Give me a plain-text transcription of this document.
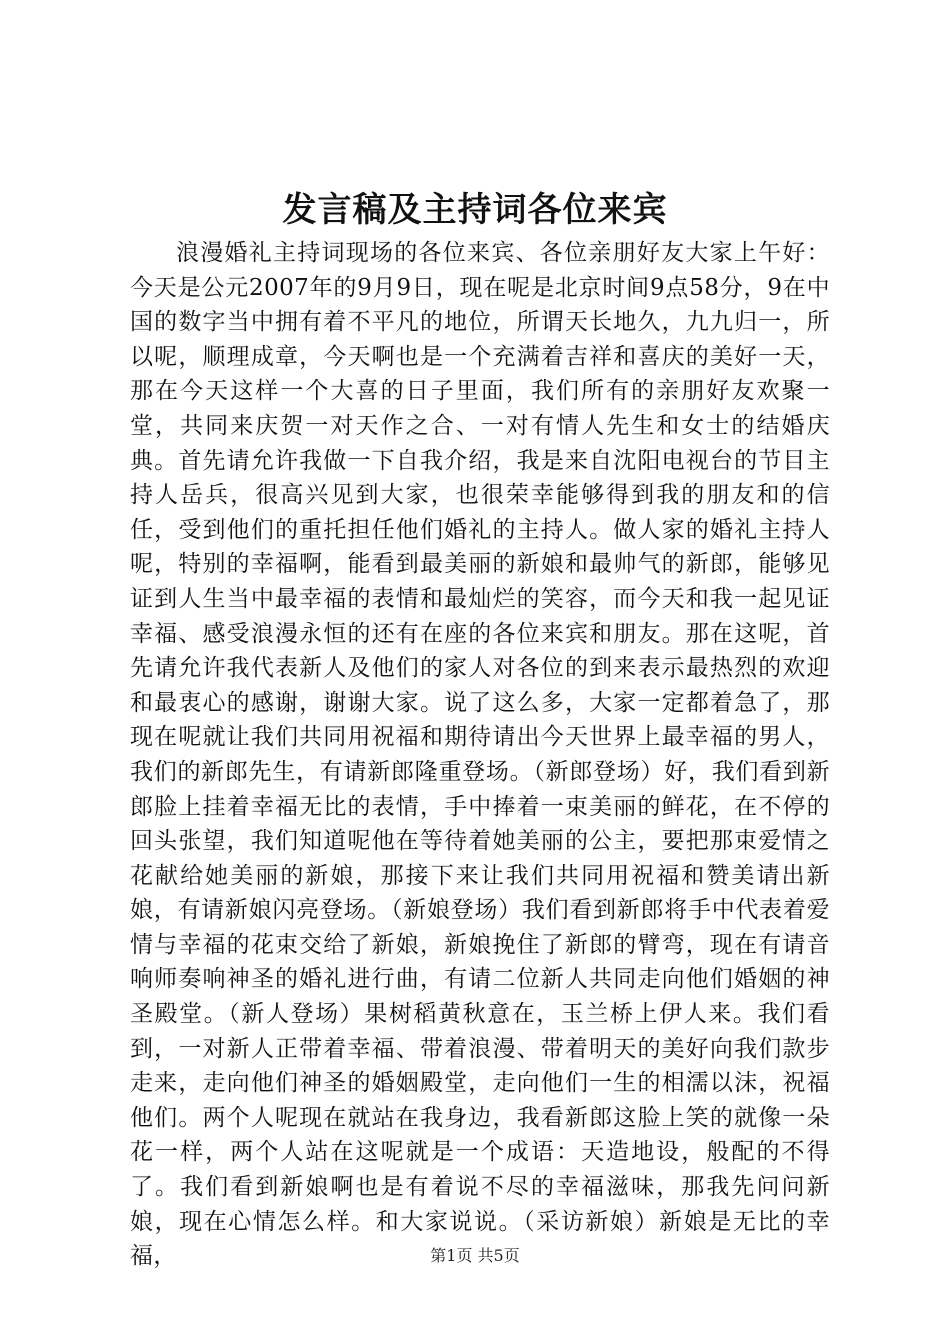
发言稿及主持词各位来宾

浪漫婚礼主持词现场的各位来宾、各位亲朋好友大家上午好：今天是公元2007年的9月9日，现在呢是北京时间9点58分，9在中国的数字当中拥有着不平凡的地位，所谓天长地久，九九归一，所以呢，顺理成章，今天啊也是一个充满着吉祥和喜庆的美好一天，那在今天这样一个大喜的日子里面，我们所有的亲朋好友欢聚一堂，共同来庆贺一对天作之合、一对有情人先生和女士的结婚庆典。首先请允许我做一下自我介绍，我是来自沈阳电视台的节目主持人岳兵，很高兴见到大家，也很荣幸能够得到我的朋友和的信任，受到他们的重托担任他们婚礼的主持人。做人家的婚礼主持人呢，特别的幸福啊，能看到最美丽的新娘和最帅气的新郎，能够见证到人生当中最幸福的表情和最灿烂的笑容，而今天和我一起见证幸福、感受浪漫永恒的还有在座的各位来宾和朋友。那在这呢，首先请允许我代表新人及他们的家人对各位的到来表示最热烈的欢迎和最衷心的感谢，谢谢大家。说了这么多，大家一定都着急了，那现在呢就让我们共同用祝福和期待请出今天世界上最幸福的男人，我们的新郎先生，有请新郎隆重登场。（新郎登场）好，我们看到新郎脸上挂着幸福无比的表情，手中捧着一束美丽的鲜花，在不停的回头张望，我们知道呢他在等待着她美丽的公主，要把那束爱情之花献给她美丽的新娘，那接下来让我们共同用祝福和赞美请出新娘，有请新娘闪亮登场。（新娘登场）我们看到新郎将手中代表着爱情与幸福的花束交给了新娘，新娘挽住了新郎的臂弯，现在有请音响师奏响神圣的婚礼进行曲，有请二位新人共同走向他们婚姻的神圣殿堂。（新人登场）果树稻黄秋意在，玉兰桥上伊人来。我们看到，一对新人正带着幸福、带着浪漫、带着明天的美好向我们款步走来，走向他们神圣的婚姻殿堂，走向他们一生的相濡以沫，祝福他们。两个人呢现在就站在我身边，我看新郎这脸上笑的就像一朵花一样，两个人站在这呢就是一个成语：天造地设，般配的不得了。我们看到新娘啊也是有着说不尽的幸福滋味，那我先问问新娘，现在心情怎么样。和大家说说。（采访新娘）新娘是无比的幸福，	第1页 共5页
